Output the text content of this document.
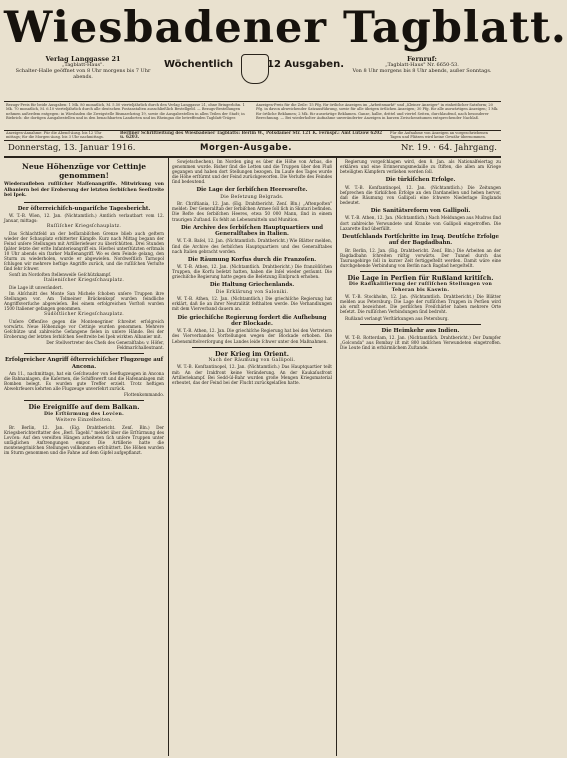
Wiesbadener Tagblatt.
Verlag Langgasse 21
„Tagblatt-Haus".
Schalter-Halle geöffnet von 8 Uhr morgens bis 7 Uhr abends.
Wöchentlich	12 Ausgaben.	Fernruf:
„Tagblatt-Haus" Nr. 6650-53.
Von 8 Uhr morgens bis 8 Uhr abends, außer Sonntags.
Bezugs-Preis für beide Ausgaben: 1 Mk. 80 monatlich, M. 5.50 vierteljährlich durch den Verlag Langgasse 21, ohne Bringerlohn. 1 Mk. 70 monatlich, M. 6.10 vierteljährlich durch alle deutschen Postanstalten ausschließlich Bestellgeld. — Bezugs-Bestellungen nehmen außerdem entgegen: in Wiesbaden die Zweigstelle Bismarckring 19, sowie die Ausgabestellen in allen Teilen der Stadt; in Biebrich: die dortigen Ausgabestellen und in den benachbarten Landorten und im Rheingau die betreffenden Tagblatt-Träger.
Anzeigen-Preis für die Zeile: 15 Pfg. für örtliche Anzeigen im „Arbeitsmarkt" und „Kleiner Anzeiger" in einheitlicher Satzform; 20 Pfg. in davon abweichender Satzausführung, sowie für alle übrigen örtlichen Anzeigen; 30 Pfg. für alle auswärtigen Anzeigen; 1 Mk. für örtliche Reklamen; 2 Mk. für auswärtige Reklamen. Ganze, halbe, drittel und viertel Seiten, durchlaufend, nach besonderer Berechnung. — Bei wiederholter Aufnahme unveränderter Anzeigen in kurzen Zwischenräumen entsprechender Nachlaß.
Anzeigen-Annahme: Für die Abend-Ausg. bis 12 Uhr mittags; für die Morgen-Ausg. bis 3 Uhr nachmittags.
Berliner Schriftleitung des Wiesbadener Tagblatts: Berlin W., Potsdamer Str. 121 K. Fernspr.: Amt Lützow 6202 u. 6203.
Für die Aufnahme von Anzeigen an vorgeschriebenen Tagen und Plätzen wird keine Gewähr übernommen.
Donnerstag, 13. Januar 1916.	Morgen-Ausgabe.	Nr. 19. · 64. Jahrgang.
Neue Höhenzüge vor Cettinje genommen!
Wiederaufleben ruſſiſcher Maſſenangriffe. Mitwirkung von Albaniern bei der Eroberung der letzten ſerbiſchen Seeſtreite bei Ipek.
Der öſterreichiſch-ungariſche Tagesbericht.

W. T.-B. Wien, 12. Jan. (Nichtamtlich.) Amtlich verlautbart vom 12. Januar, mittags:

Ruſſiſcher Kriegsſchauplatz.

Das Schlachtfeld an der beſſarabiſchen Grenze blieb auch geſtern wieder der Schauplatz erbitterter Kämpfe. Kurz nach Mittag begann der Feind unſere Stellungen mit Artilleriefeuer zu überſchütten. Drei Stunden ſpäter ſetzte der erſte Infanterieangriff ein. Hierbei unterſtützten erſtmals 10 Uhr abends ein ſtarker Maſſenangriff. Wo es dem Feinde gelang, den Sturm zu wiederholen, wurde er abgewieſen. Nordweſtlich Tarnopol ſchlugen wir mehrere heftige Angriffe zurück, und die ruſſiſchen Verluſte ſind ſehr ſchwer.

Sonſt im Nordoſten ſtellenweiſe Geſchützkampf.

Italieniſcher Kriegsſchauplatz.

Die Lage iſt unverändert.

Im Abſchnitt des Monte San Michele ſchoben unſere Truppen ihre Stellungen vor. Am Tolmeiner Brückenkopf wurden feindliche Angriffsverſuche abgewieſen. Bei einem erfolgreichen Vorſtoß wurden 1500 Italiener gefangen genommen.

Südöſtlicher Kriegsſchauplatz.

Unſere Offenſive gegen die Montenegriner ſchreitet erfolgreich vorwärts. Neue Höhenzüge vor Cettinje wurden genommen. Mehrere Geſchütze und zahlreiche Gefangene fielen in unſere Hände. Bei der Eroberung der letzten ſerbiſchen Seeſtreite bei Ipek wirkten Albanier mit.

Der Stellvertreter des Chefs des Generalſtabs: v. Höfer, Feldmarſchalleutnant.

Erfolgreicher Angriff öſterreichiſcher Flugzeuge auf Ancona.

Am 11., nachmittags, hat ein Geſchwader von Seeflugzeugen in Ancona die Bahnanlagen, die Kaſernen, die Schiffswerft und die Hafenanlagen mit Bomben belegt. Es wurden gute Treffer erzielt. Trotz heftigen Abwehrfeuers kehrten alle Flugzeuge unverſehrt zurück.

Flottenkommando.

Die Ereigniſſe auf dem Balkan.
Die Erſtürmung des Lovćen.
Weitere Einzelheiten.

Br. Berlin, 12. Jan. (Eig. Drahtbericht. Zenſ. Bln.) Der Kriegsberichterſtatter des „Berl. Tagebl." meldet über die Erſtürmung des Lovćen: Auf den vereiſten Hängen arbeiteten ſich unſere Truppen unter unſäglichen Anſtrengungen empor. Die Artillerie hatte die montenegriniſchen Stellungen vollkommen erſchüttert. Die Höhen wurden im Sturm genommen und die Fahne auf dem Gipfel aufgepflanzt.

Sowjetschechen). Im Norden ging es über die Höhe von Arbas, die genommen wurde. Bisher ſind die Letten und die Truppen über den Fluß gegangen und haben dort Stellungen bezogen. Im Laufe des Tages wurde die Höhe erſtürmt und der Feind zurückgeworfen. Die Verluſte des Feindes ſind bedeutend.

Die Lage der ſerbiſchen Heeresreſte.
Die Beſetzung Belgrads.

Br. Chriſtiania, 12. Jan. (Eig. Drahtbericht. Zenſ. Bln.) „Aftenpoſten" meldet: Der Generalſtab der ſerbiſchen Armee ſoll ſich in Skutari befinden. Die Reſte des ſerbiſchen Heeres, etwa 50 000 Mann, ſind in einem traurigen Zuſtand. Es fehlt an Lebensmitteln und Munition.

Die Archive des ſerbiſchen Hauptquartiers und Generalſtabes in Italien.

W. T.-B. Baſel, 12. Jan. (Nichtamtlich. Drahtbericht.) Wie Blätter melden, ſind die Archive des ſerbiſchen Hauptquartiers und des Generalſtabes nach Italien gebracht worden.

Die Räumung Korfus durch die Franzoſen.

W. T.-B. Athen, 12. Jan. (Nichtamtlich. Drahtbericht.) Die franzöſiſchen Truppen, die Korfu beſetzt hatten, haben die Inſel wieder geräumt. Die griechiſche Regierung hatte gegen die Beſetzung Einſpruch erhoben.

Die Haltung Griechenlands.
Die Erklärung von Saloniki.

W. T.-B. Athen, 12. Jan. (Nichtamtlich.) Die griechiſche Regierung hat erklärt, daß ſie an ihrer Neutralität feſthalten werde. Die Verhandlungen mit dem Vierverband dauern an.

Die griechiſche Regierung fordert die Aufhebung der Blockade.

W. T.-B. Athen, 12. Jan. Die griechiſche Regierung hat bei den Vertretern des Vierverbandes Vorſtellungen wegen der Blockade erhoben. Die Lebensmittelverſorgung des Landes leide ſchwer unter den Maßnahmen.

Der Krieg im Orient.
Nach der Räumung von Gallipoli.

W. T.-B. Konſtantinopel, 12. Jan. (Nichtamtlich.) Das Hauptquartier teilt mit: An der Irakfront keine Veränderung. An der Kaukaſusfront Artilleriekampf. Bei Sedd-ül-Bahr wurden große Mengen Kriegsmaterial erbeutet, das der Feind bei der Flucht zurückgelaſſen hatte.

Regierung vorgeſchlagen wird, den 8. Jan. als Nationalfeiertag zu erklären und eine Erinnerungsmedaille zu ſtiften, die allen am Kriege beteiligten Kämpfern verliehen werden ſoll.

Die türkiſchen Erfolge.

W. T.-B. Konſtantinopel, 12. Jan. (Nichtamtlich.) Die Zeitungen beſprechen die türkiſchen Erfolge an den Dardanellen und heben hervor, daß die Räumung von Gallipoli eine ſchwere Niederlage Englands bedeutet.

Die Sanitätsreform von Gallipoli.

W. T.-B. Athen, 12. Jan. (Nichtamtlich.) Nach Meldungen aus Mudros ſind dort zahlreiche Verwundete und Kranke von Gallipoli eingetroffen. Die Lazarette ſind überfüllt.

Deutſchlands Fortſchritte im Iraq. Deutſche Erfolge auf der Bagdadbahn.

Br. Berlin, 12. Jan. (Eig. Drahtbericht. Zenſ. Bln.) Die Arbeiten an der Bagdadbahn ſchreiten rüſtig vorwärts. Der Tunnel durch das Taurusgebirge ſoll in kurzer Zeit fertiggeſtellt werden. Damit wäre eine durchgehende Verbindung von Berlin nach Bagdad hergeſtellt.

Die Lage in Perſien für Rußland kritiſch.
Die Radikaliſierung der ruſſiſchen Stellungen von Teheran bis Kaswin.

W. T.-B. Stockholm, 12. Jan. (Nichtamtlich. Drahtbericht.) Die Blätter melden aus Petersburg: Die Lage der ruſſiſchen Truppen in Perſien wird als ernſt bezeichnet. Die perſiſchen Freiſchärler haben mehrere Orte beſetzt. Die ruſſiſchen Verbindungen ſind bedroht.

Rußland verlangt Verſtärkungen aus Petersburg.

Die Heimkehr aus Indien.

W. T.-B. Rotterdam, 12. Jan. (Nichtamtlich. Drahtbericht.) Der Dampfer „Golconda" aus Bombay iſt mit 800 indiſchen Verwundeten eingetroffen. Die Leute ſind in erbärmlichem Zuſtande.
